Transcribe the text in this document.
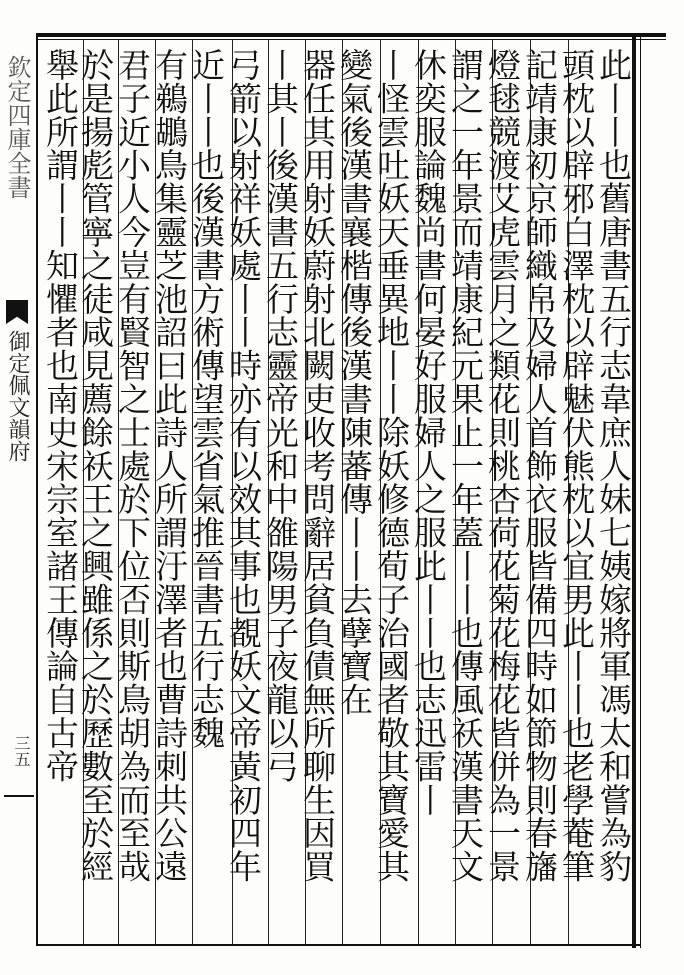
欽定四庫全書
御定佩文韻府
三五	此丨丨也舊唐書五行志韋庶人妹七姨嫁將軍馮太和嘗為豹
頭枕以辟邪白澤枕以辟魅伏熊枕以宜男此丨丨也老學菴筆
記靖康初京師織帛及婦人首飾衣服皆備四時如節物則春旛
燈毬競渡艾虎雲月之類花則桃杏荷花菊花梅花皆併為一景
謂之一年景而靖康紀元果止一年蓋丨丨也傳風祅漢書天文
休奕服論魏尚書何晏好服婦人之服此丨丨也志迅雷丨
丨怪雲吐妖天垂異地丨丨除妖修德荀子治國者敬其寶愛其
變氣後漢書襄楷傳後漢書陳蕃傳丨丨去孽寶在
器任其用射妖蔚射北闕吏收考問辭居貧負債無所聊生因買
丨其丨後漢書五行志靈帝光和中雒陽男子夜龍以弓
弓箭以射祥妖處丨丨時亦有以效其事也覩妖文帝黃初四年
近丨丨也後漢書方術傳望雲省氣推晉書五行志魏
有鵜鶘鳥集靈芝池詔曰此詩人所謂汙澤者也曹詩刺共公遠
君子近小人今豈有賢智之士處於下位否則斯鳥胡為而至哉
於是揚彪管寧之徒咸見薦餘祅王之興雖係之於歷數至於經
舉此所謂丨丨知懼者也南史宋宗室諸王傳論自古帝
